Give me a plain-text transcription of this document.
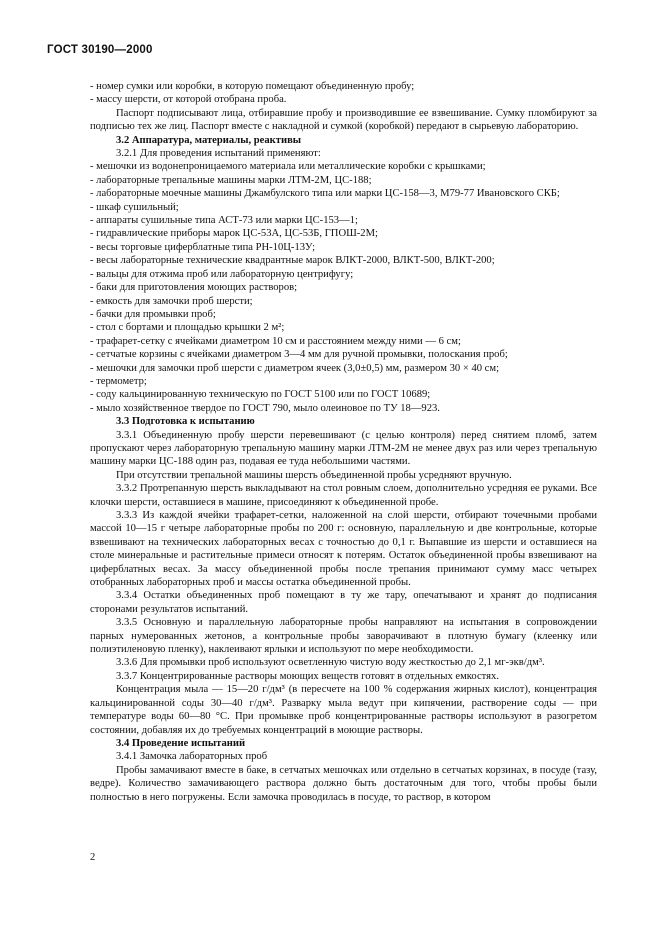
ГОСТ 30190—2000

- номер сумки или коробки, в которую помещают объединенную пробу;

- массу шерсти, от которой отобрана проба.

Паспорт подписывают лица, отбиравшие пробу и производившие ее взвешивание. Сумку пломбируют за подписью тех же лиц. Паспорт вместе с накладной и сумкой (коробкой) передают в сырьевую лабораторию.

3.2 Аппаратура, материалы, реактивы

3.2.1 Для проведения испытаний применяют:

- мешочки из водонепроницаемого материала или металлические коробки с крышками;

- лабораторные трепальные машины марки ЛТМ-2М, ЦС-188;

- лабораторные моечные машины Джамбулского типа или марки ЦС-158—3, М79-77 Ивановского СКБ;

- шкаф сушильный;

- аппараты сушильные типа АСТ-73 или марки ЦС-153—1;

- гидравлические приборы марок ЦС-53А, ЦС-53Б, ГПОШ-2М;

- весы торговые циферблатные типа РН-10Ц-13У;

- весы лабораторные технические квадрантные марок ВЛКТ-2000, ВЛКТ-500, ВЛКТ-200;

- вальцы для отжима проб или лабораторную центрифугу;

- баки для приготовления моющих растворов;

- емкость для замочки проб шерсти;

- бачки для промывки проб;

- стол с бортами и площадью крышки 2 м²;

- трафарет-сетку с ячейками диаметром 10 см и расстоянием между ними — 6 см;

- сетчатые корзины с ячейками диаметром 3—4 мм для ручной промывки, полоскания проб;

- мешочки для замочки проб шерсти с диаметром ячеек (3,0±0,5) мм, размером 30 × 40 см;

- термометр;

- соду кальцинированную техническую по ГОСТ 5100 или по ГОСТ 10689;

- мыло хозяйственное твердое по ГОСТ 790, мыло олеиновое по ТУ 18—923.

3.3 Подготовка к испытанию

3.3.1 Объединенную пробу шерсти перевешивают (с целью контроля) перед снятием пломб, затем пропускают через лабораторную трепальную машину марки ЛТМ-2М не менее двух раз или через трепальную машину марки ЦС-188 один раз, подавая ее туда небольшими частями.

При отсутствии трепальной машины шерсть объединенной пробы усредняют вручную.

3.3.2 Протрепанную шерсть выкладывают на стол ровным слоем, дополнительно усредняя ее руками. Все клочки шерсти, оставшиеся в машине, присоединяют к объединенной пробе.

3.3.3 Из каждой ячейки трафарет-сетки, наложенной на слой шерсти, отбирают точечными пробами массой 10—15 г четыре лабораторные пробы по 200 г: основную, параллельную и две контрольные, которые взвешивают на технических лабораторных весах с точностью до 0,1 г. Выпавшие из шерсти и оставшиеся на столе минеральные и растительные примеси относят к потерям. Остаток объединенной пробы взвешивают на циферблатных весах. За массу объединенной пробы после трепания принимают сумму масс четырех отобранных лабораторных проб и массы остатка объединенной пробы.

3.3.4 Остатки объединенных проб помещают в ту же тару, опечатывают и хранят до подписания сторонами результатов испытаний.

3.3.5 Основную и параллельную лабораторные пробы направляют на испытания в сопровождении парных нумерованных жетонов, а контрольные пробы заворачивают в плотную бумагу (клеенку или полиэтиленовую пленку), наклеивают ярлыки и используют по мере необходимости.

3.3.6 Для промывки проб используют осветленную чистую воду жесткостью до 2,1 мг-экв/дм³.

3.3.7 Концентрированные растворы моющих веществ готовят в отдельных емкостях.

Концентрация мыла — 15—20 г/дм³ (в пересчете на 100 % содержания жирных кислот), концентрация кальцинированной соды 30—40 г/дм³. Разварку мыла ведут при кипячении, растворение соды — при температуре воды 60—80 °С. При промывке проб концентрированные растворы используют в разогретом состоянии, добавляя их до требуемых концентраций в моющие растворы.

3.4 Проведение испытаний

3.4.1 Замочка лабораторных проб

Пробы замачивают вместе в баке, в сетчатых мешочках или отдельно в сетчатых корзинах, в посуде (тазу, ведре). Количество замачивающего раствора должно быть достаточным для того, чтобы пробы были полностью в него погружены. Если замочка проводилась в посуде, то раствор, в котором

2
